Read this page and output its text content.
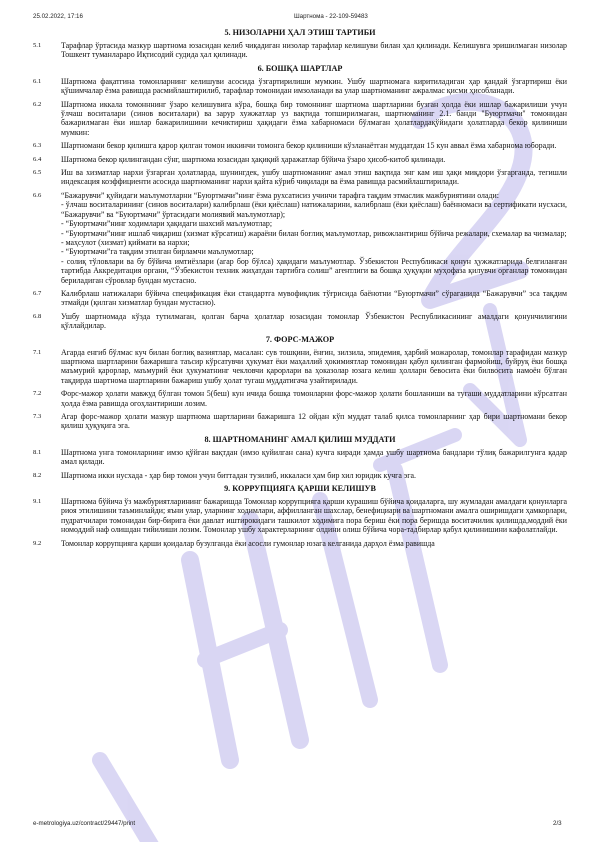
25.02.2022, 17:16	Шартнома - 22-109-59483
5. НИЗОЛАРНИ ҲАЛ ЭТИШ ТАРТИБИ
5.1	Тарафлар ўртасида мазкур шартнома юзасидан келиб чиқадиган низолар тарафлар келишуви билан ҳал қилинади. Келишувга эришилмаган низолар Тошкент туманлараро Иқтисодий судида ҳал қилинади.

6. БОШҚА ШАРТЛАР
6.1	Шартнома фақатгина томонларнинг келишуви асосида ўзгартирилиши мумкин. Ушбу шартномага киритиладиган ҳар қандай ўзгартириш ёки қўшимчалар ёзма равишда расмийлаштирилиб, тарафлар томонидан имзоланади ва улар шартноманинг ажралмас қисми ҳисобланади.

6.2	Шартнома иккала томонннинг ўзаро келишувига кўра, бошқа бир томоннинг шартнома шартларини бузган ҳолда ёки ишлар бажарилиши учун ўлчаш воситалари (синов воситалари) ва зарур хужжатлар уз вақтида топширилмаган, шартноманинг 2.1. банди "Буюртмачи" томонидан бажарилмаган ёки ишлар бажарилишини кечиктириш ҳақидаги ёзма хабарномаси бўлмаган ҳолатлардақўйидаги ҳолатларда бекор қилиниши мумкин:

6.3	Шартномани бекор қилишга қарор қилган томон иккинчи томонга бекор қилиниши кўзланаётган муддатдан 15 кун аввал ёзма хабарнома юборади.

6.4	Шартнома бекор қилингандан сўнг, шартнома юзасидан ҳақиқий ҳаражатлар бўйича ўзаро ҳисоб-китоб қилинади.

6.5	Иш ва хизматлар нархи ўзгарган ҳолатларда, шунингдек, ушбу шартноманинг амал этиш вақтида энг кам иш ҳақи миқдори ўзгарганда, тегишли индексация коэффициенти асосида шартноманинг нархи қайта кўриб чиқилади ва ёзма равишда расмийлаштирилади.

6.6	“Бажарувчи” қуйидаги маълумотларни “Буюртмачи”нинг ёзма рухсатисиз учинчи тарафга тақдим этмаслик мажбуриятини олади:

- ўлчаш воситаларининг (синов воситалари) калибрлаш (ёки қиёслаш) натижаларини, калибрлаш (ёки қиёслаш) баённомаси ва сертификати нусхаси, “Бажарувчи” ва “Буюртмачи” ўртасидаги молиявий маълумотлар);

- “Буюртмачи”нинг ходимлари ҳақидаги шахсий маълумотлар;

- “Буюртмачи”нинг ишлаб чиқариш (хизмат кўрсатиш) жараёни билан боғлиқ маълумотлар, ривожлантириш бўйича режалари, схемалар ва чизмалар;

- маҳсулот (хизмат) қиймати ва нархи;

- “Буюртмачи”га тақдим этилган бирламчи маълумотлар;

- солиқ тўловлари ва бу бўйича имтиёзлари (агар бор бўлса) ҳақидаги маълумотлар. Ўзбекистон Республикаси қонун ҳужжатларида белгиланган тартибда Аккредитация органи, “Ўзбекистон техник жиҳатдан тартибга солиш” агентлиги ва бошқа ҳуқуқни муҳофаза қилувчи органлар томонидан бериладиган сўровлар бундан мустасно.

6.7	Калибрлаш натижалари бўйича спецификация ёки стандартга мувофиқлик тўғрисида баёнотни “Буюртмачи” сўраганида “Бажарувчи” эса тақдим этмайди (қилган хизматлар бундан мустасно).

6.8	Ушбу шартномада кўзда тутилмаган, қолган барча ҳолатлар юзасидан томонлар Ўзбекистон Республикасининг амалдаги қонунчилигини қўллайдилар.

7. ФОРС-МАЖОР
7.1	Агарда енгиб бўлмас куч билан боғлиқ вазиятлар, масалан: сув тошқини, ёнғин, зилзила, эпидемия, ҳарбий можаролар, томонлар тарафидан мазкур шартнома шартларини бажаришга таъсир кўрсатувчи ҳукумат ёки маҳаллий ҳокимиятлар томонидан қабул қилинган фармойиш, буйруқ ёки бошқа маъмурий қарорлар, маъмурий ёки ҳукуматнинг чекловчи қарорлари ва ҳоказолар юзага келиш ҳолларн бевосита ёки билвосита намоён бўлган тақдирда шартнома шартларини бажариш ушбу ҳолат тугаш муддатигача узайтирилади.

7.2	Форс-мажор ҳолати мавжуд бўлган томон 5(беш) кун ичида бошқа томонларни форс-мажор ҳолати бошланиши ва тугаши муддатларини кўрсатган ҳолда ёзма равишда огоҳлантириши лозим.

7.3	Агар форс-мажор ҳолати мазкур шартнома шартларини бажаришга 12 ойдан кўп муддат талаб қилса томонларнинг ҳар бири шартномани бекор қилиш ҳуқуқига эга.

8. ШАРТНОМАНИНГ АМАЛ ҚИЛИШ МУДДАТИ
8.1	Шартнома унга томонларнинг имзо қўйган вақтдан (имзо қуйилган сана) кучга киради ҳамда ушбу шартнома бандлари тўлиқ бажарилгунга қадар амал қилади.

8.2	Шартнома икки нусхада - ҳар бир томон учун биттадан тузилиб, иккаласи ҳам бир хил юридик кучга эга.

9. КОРРУПЦИЯГА ҚАРШИ КЕЛИШУВ
9.1	Шартнома бўйича ўз мажбуриятларининг бажаришда Томонлар коррупцияга қарши курашиш бўйича қоидаларга, шу жумладан амалдаги қонунларга риоя этилишини таъминлайди; яъни улар, уларнинг ходимлари, аффилланган шахслар, бенефициари ва шартномани амалга оширишдаги ҳамкорлари, пудратчилари томонидан бир-бирига ёки давлат иштирокидаги ташкилот ходимига пора бериш ёки пора беришда воситачилик қилишда,моддий ёки номоддий наф олишдан тийилиши лозим. Томонлар ушбу характерларнинг олдини олиш бўйича чора-тадбирлар қабул қилинишини кафолатлайди.

9.2	Томонлар коррупцияга қарши қоидалар бузулганда ёки асосли гумонлар юзага келганида дарҳол ёзма равишда

e-metrologiya.uz/contract/29447/print	2/3
